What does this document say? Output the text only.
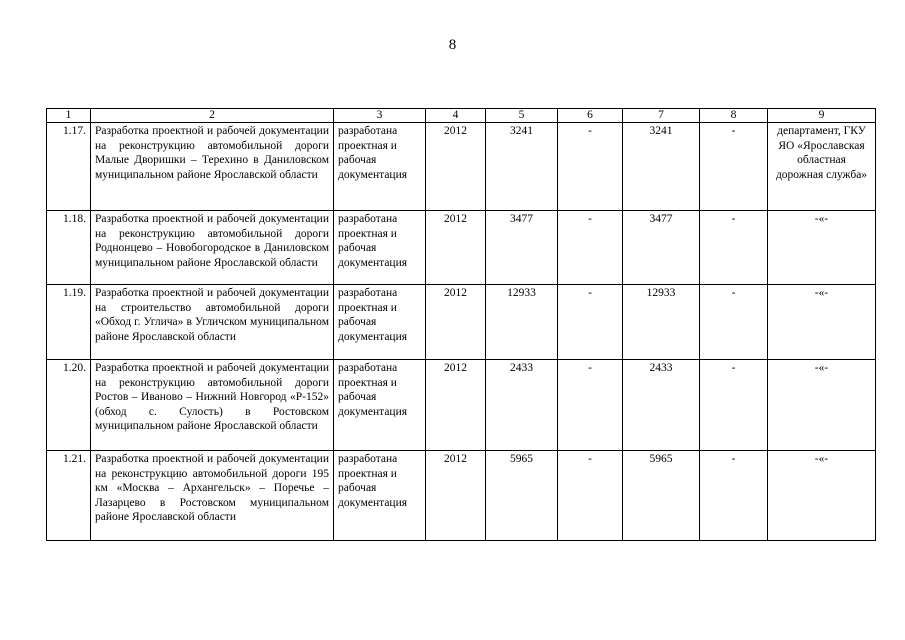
8
1	2	3	4	5	6	7	8	9
1.17.	Разработка проектной и рабочей документации на реконструкцию автомобильной дороги Малые Дворишки – Терехино в Даниловском муниципальном районе Ярославской области	разработана проектная и рабочая документация	2012	3241	-	3241	-	департамент, ГКУ ЯО «Ярославская областная дорожная служба»
1.18.	Разработка проектной и рабочей документации на реконструкцию автомобильной дороги Роднонцево – Новобогородское в Даниловском муниципальном районе Ярославской области	разработана проектная и рабочая документация	2012	3477	-	3477	-	-«-
1.19.	Разработка проектной и рабочей документации на строительство автомобильной дороги «Обход г. Углича» в Угличском муниципальном районе Ярославской области	разработана проектная и рабочая документация	2012	12933	-	12933	-	-«-
1.20.	Разработка проектной и рабочей документации на реконструкцию автомобильной дороги Ростов – Иваново – Нижний Новгород «Р-152» (обход с. Сулость) в Ростовском муниципальном районе Ярославской области	разработана проектная и рабочая документация	2012	2433	-	2433	-	-«-
1.21.	Разработка проектной и рабочей документации на реконструкцию автомобильной дороги 195 км «Москва – Архангельск» – Поречье – Лазарцево в Ростовском муниципальном районе Ярославской области	разработана проектная и рабочая документация	2012	5965	-	5965	-	-«-
